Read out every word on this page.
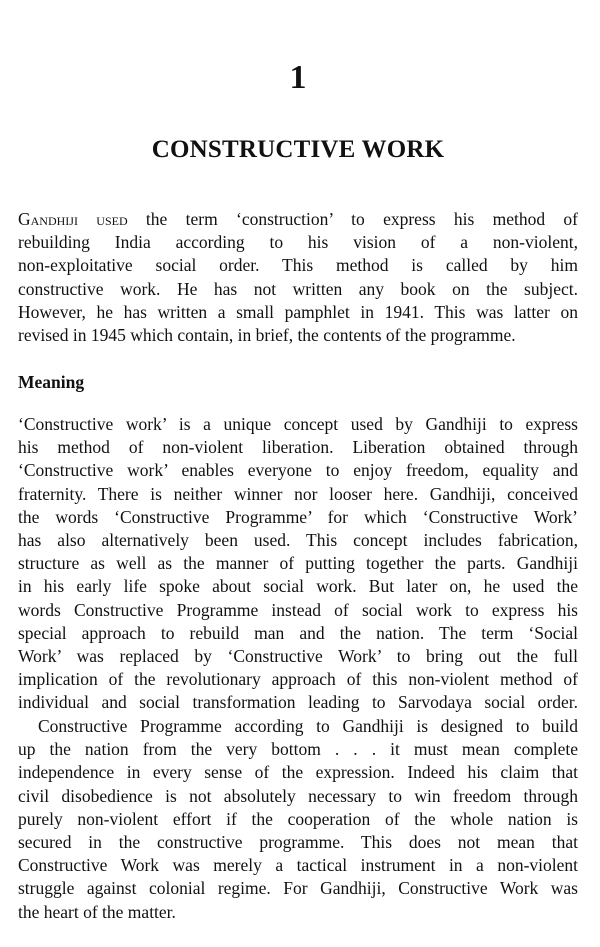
1
CONSTRUCTIVE WORK
Gandhiji used the term ‘construction’ to express his method of
rebuilding India according to his vision of a non-violent,
non-exploitative social order. This method is called by him
constructive work. He has not written any book on the subject.
However, he has written a small pamphlet in 1941. This was latter on
revised in 1945 which contain, in brief, the contents of the programme.
Meaning
‘Constructive work’ is a unique concept used by Gandhiji to express
his method of non-violent liberation. Liberation obtained through
‘Constructive work’ enables everyone to enjoy freedom, equality and
fraternity. There is neither winner nor looser here. Gandhiji, conceived
the words ‘Constructive Programme’ for which ‘Constructive Work’
has also alternatively been used. This concept includes fabrication,
structure as well as the manner of putting together the parts. Gandhiji
in his early life spoke about social work. But later on, he used the
words Constructive Programme instead of social work to express his
special approach to rebuild man and the nation. The term ‘Social
Work’ was replaced by ‘Constructive Work’ to bring out the full
implication of the revolutionary approach of this non-violent method of
individual and social transformation leading to Sarvodaya social order.
Constructive Programme according to Gandhiji is designed to build
up the nation from the very bottom . . . it must mean complete
independence in every sense of the expression. Indeed his claim that
civil disobedience is not absolutely necessary to win freedom through
purely non-violent effort if the cooperation of the whole nation is
secured in the constructive programme. This does not mean that
Constructive Work was merely a tactical instrument in a non-violent
struggle against colonial regime. For Gandhiji, Constructive Work was
the heart of the matter.
